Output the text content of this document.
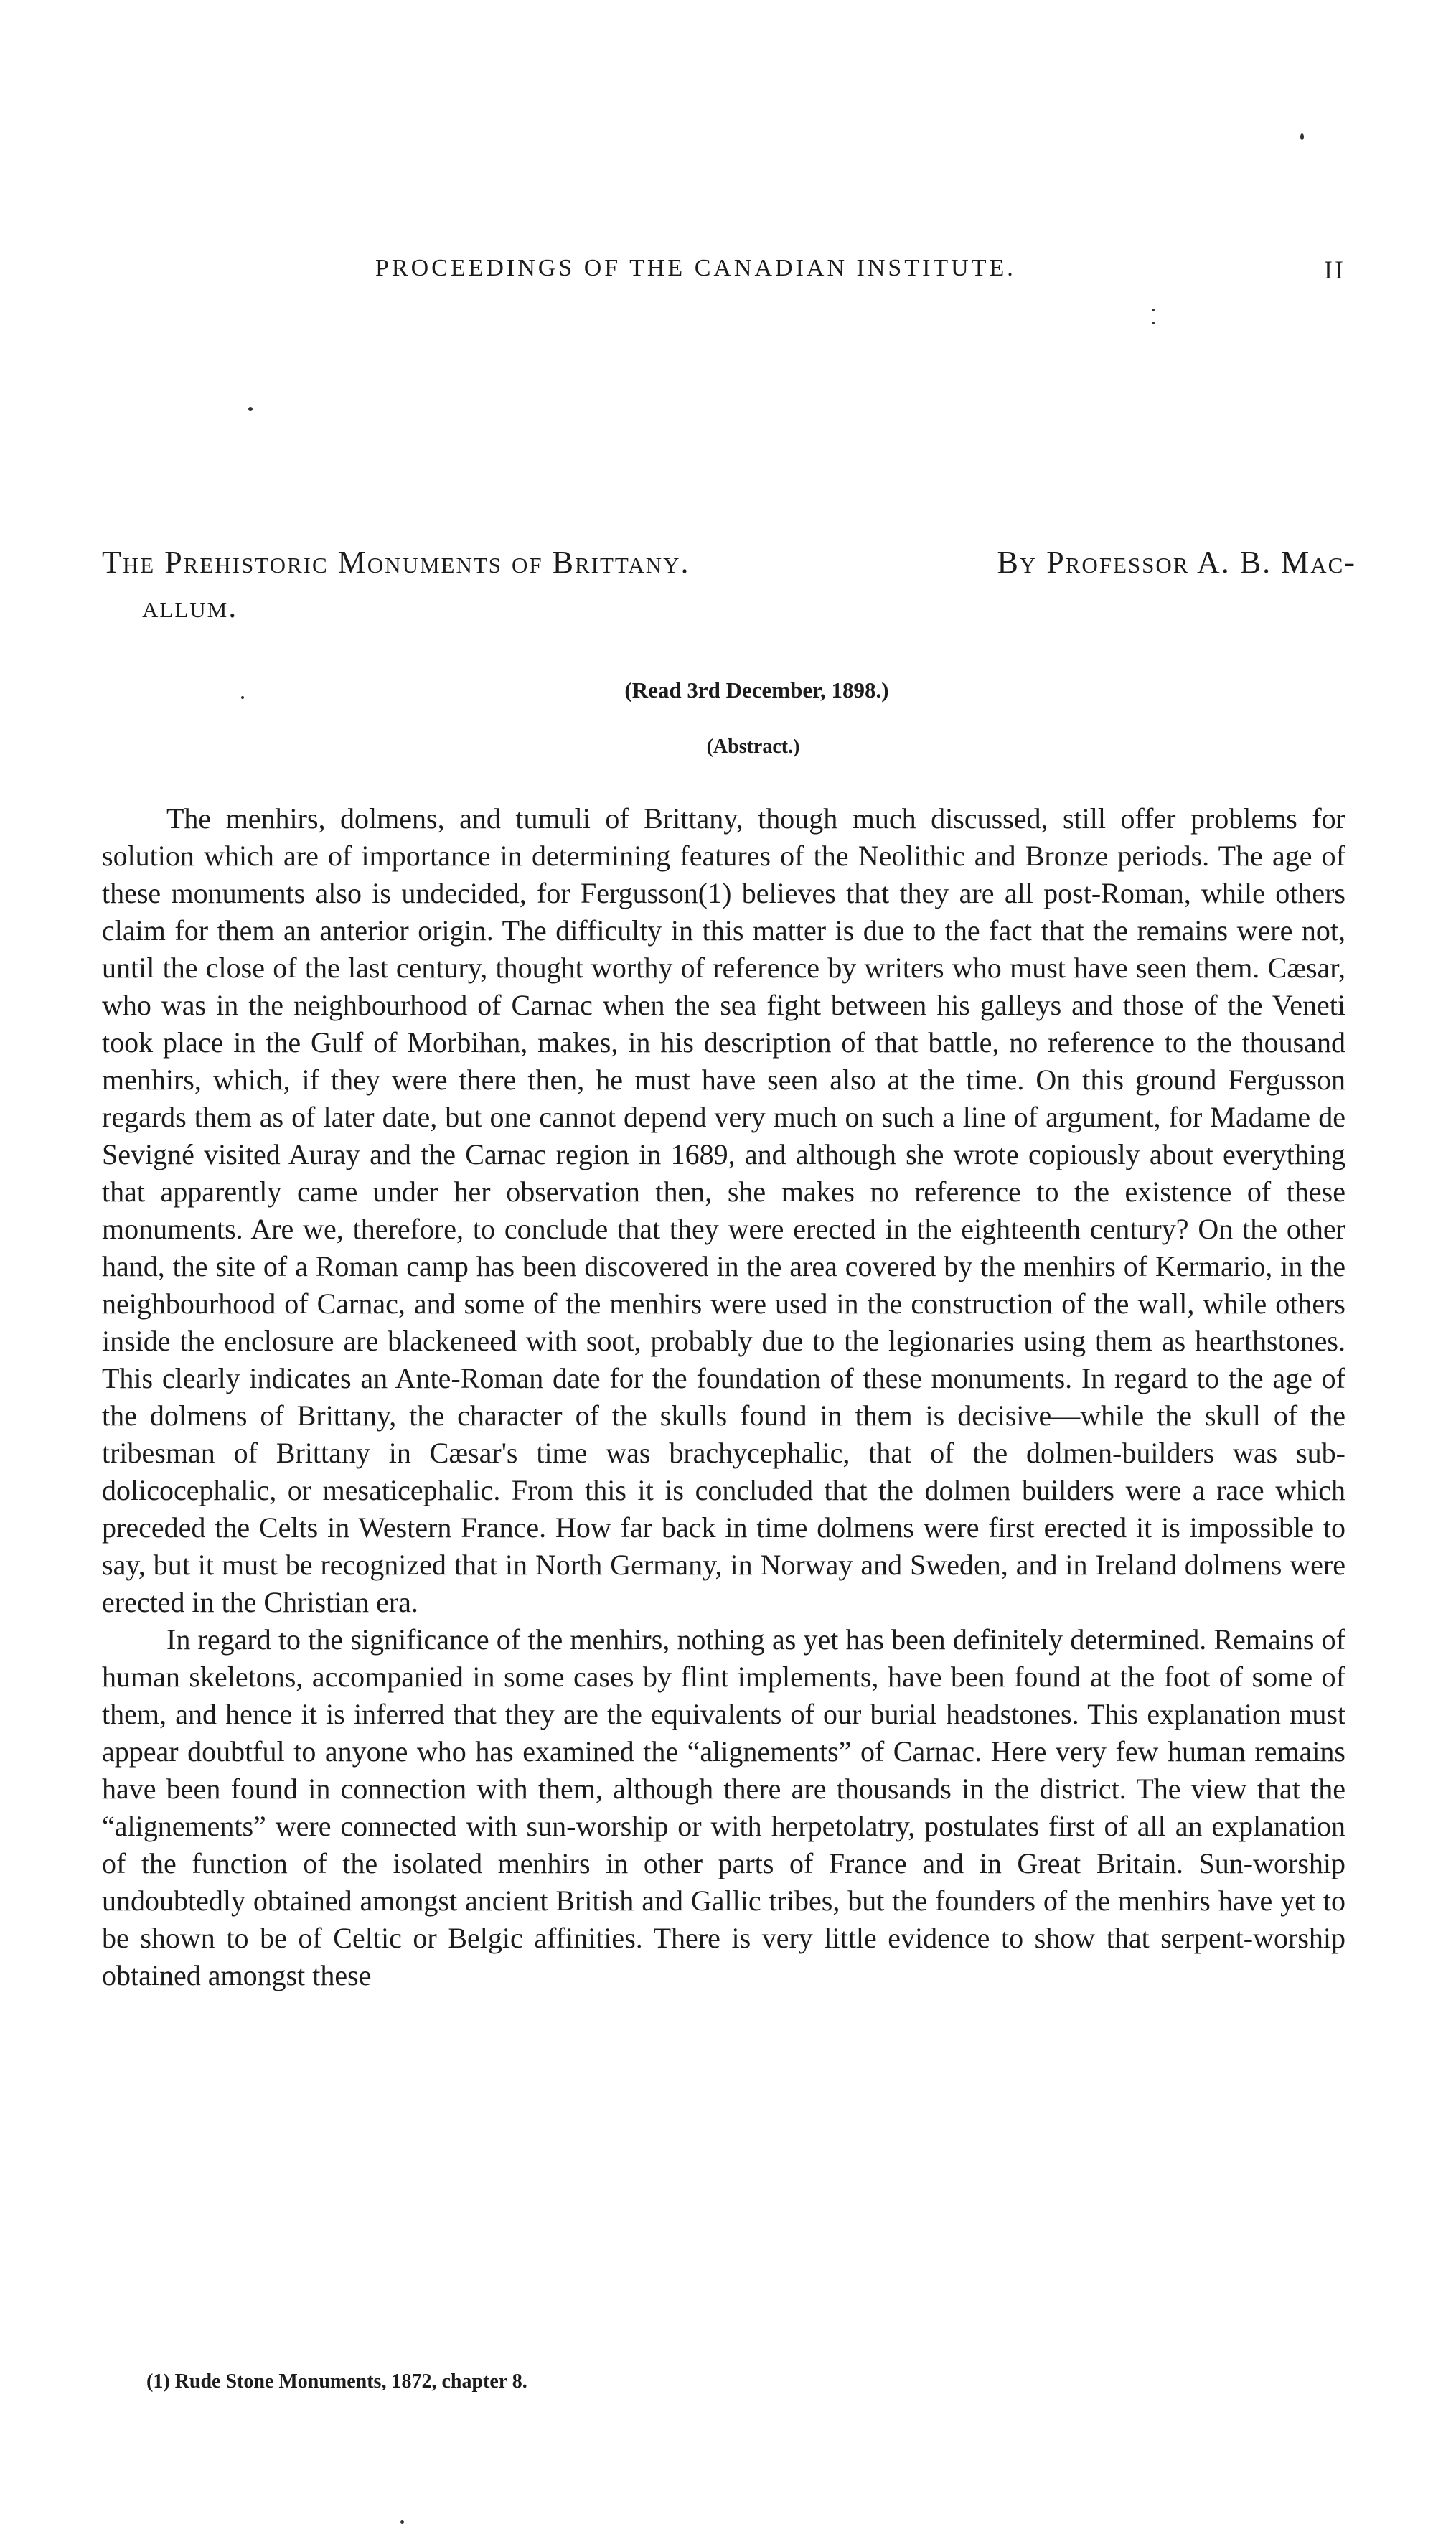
PROCEEDINGS OF THE CANADIAN INSTITUTE.	II
The Prehistoric Monuments of Brittany.	By Professor A. B. Mac-
allum.
(Read 3rd December, 1898.)
(Abstract.)

The menhirs, dolmens, and tumuli of Brittany, though much discussed, still offer problems for solution which are of importance in determining features of the Neolithic and Bronze periods. The age of these monuments also is undecided, for Fergusson(1) believes that they are all post-Roman, while others claim for them an anterior origin. The difficulty in this matter is due to the fact that the remains were not, until the close of the last century, thought worthy of reference by writers who must have seen them. Cæsar, who was in the neighbourhood of Carnac when the sea fight between his galleys and those of the Veneti took place in the Gulf of Morbihan, makes, in his description of that battle, no reference to the thousand menhirs, which, if they were there then, he must have seen also at the time. On this ground Fergusson regards them as of later date, but one cannot depend very much on such a line of argument, for Madame de Sevigné visited Auray and the Carnac region in 1689, and although she wrote copiously about everything that apparently came under her observation then, she makes no reference to the existence of these monuments. Are we, therefore, to conclude that they were erected in the eighteenth century? On the other hand, the site of a Roman camp has been discovered in the area covered by the menhirs of Kermario, in the neighbourhood of Carnac, and some of the menhirs were used in the construction of the wall, while others inside the enclosure are blackeneed with soot, probably due to the legionaries using them as hearthstones. This clearly indicates an Ante-Roman date for the foundation of these monuments. In regard to the age of the dolmens of Brittany, the character of the skulls found in them is decisive—while the skull of the tribesman of Brittany in Cæsar's time was brachycephalic, that of the dolmen-builders was sub-dolicocephalic, or mesaticephalic. From this it is concluded that the dolmen builders were a race which preceded the Celts in Western France. How far back in time dolmens were first erected it is impossible to say, but it must be recognized that in North Germany, in Norway and Sweden, and in Ireland dolmens were erected in the Christian era.

In regard to the significance of the menhirs, nothing as yet has been definitely determined. Remains of human skeletons, accompanied in some cases by flint implements, have been found at the foot of some of them, and hence it is inferred that they are the equivalents of our burial headstones. This explanation must appear doubtful to anyone who has examined the “alignements” of Carnac. Here very few human remains have been found in connection with them, although there are thousands in the district. The view that the “alignements” were connected with sun-worship or with herpetolatry, postulates first of all an explanation of the function of the isolated menhirs in other parts of France and in Great Britain. Sun-worship undoubtedly obtained amongst ancient British and Gallic tribes, but the founders of the menhirs have yet to be shown to be of Celtic or Belgic affinities. There is very little evidence to show that serpent-worship obtained amongst these

(1) Rude Stone Monuments, 1872, chapter 8.
